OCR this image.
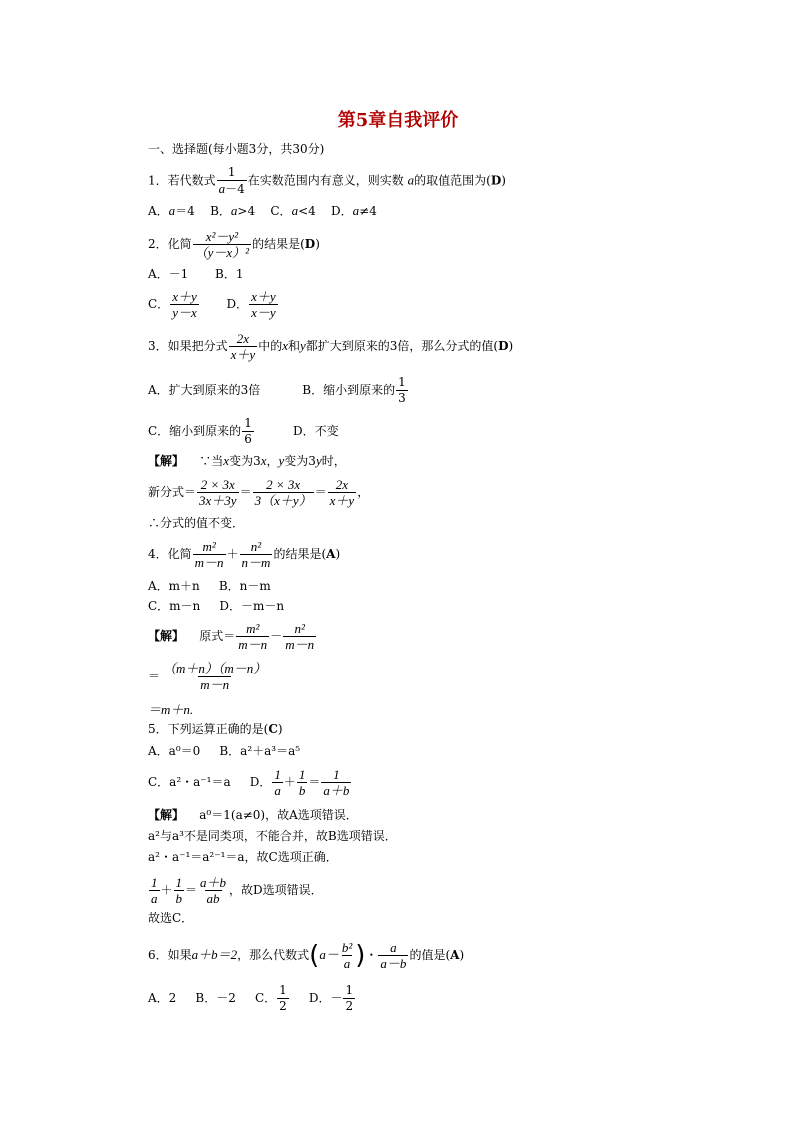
第5章自我评价
一、选择题(每小题3分，共30分)
1．若代数式 $\frac{1}{a-4}$ 在实数范围内有意义，则实数 a的取值范围为(D)
A．a＝4 B．a>4 C．a<4 D．a≠4
2．化简 $\frac{\text{x²－y²}}{\text{（y－x）²}}$ 的结果是(D)
A．－1 B．1
C． $\frac{x+y}{y-x}$ D． $\frac{x+y}{x-y}$
3．如果把分式 $\frac{2x}{x+y}$ 中的x和y都扩大到原来的3倍，那么分式的值(D)
A．扩大到原来的3倍	B．缩小到原来的 $\frac{1}{3}$
C．缩小到原来的 $\frac{1}{6}$	D．不变
【解】 ∵当x变为3x，y变为3y时，
新分式＝ $\frac{2 \times 3x}{3x+3y} = \frac{2 \times 3x}{3(x+y)} = \frac{2x}{x+y}$ ，
∴分式的值不变．
4．化简 $\frac{\text{m²}}{m-n} + \frac{\text{n²}}{n-m}$ 的结果是(A)
A．m＋n B．n－m
C．m－n D．－m－n
【解】 原式＝ $\frac{\text{m²}}{m-n} - \frac{\text{n²}}{m-n}$
＝ $\frac{(m+n)(m-n)}{m-n}$
＝m＋n.
5．下列运算正确的是(C)
A．a⁰＝0 B．a²＋a³＝a⁵
C．a²・a⁻¹＝a D． $\frac{1}{a} + \frac{1}{b} = \frac{1}{a+b}$
【解】 a⁰＝1(a≠0)，故A选项错误．
a²与a³不是同类项，不能合并，故B选项错误．
a²・a⁻¹＝a²⁻¹＝a，故C选项正确．
$\frac{1}{a} + \frac{1}{b} = \frac{a+b}{ab}$ ，故D选项错误．
故选C．
6．如果a＋b＝2，那么代数式($a- \frac{\text{b²}}{a}$ )・ $\frac{a}{a-b}$ 的值是(A)
A．2 B．－2 C． $\frac{1}{2}$ D．－ $\frac{1}{2}$
